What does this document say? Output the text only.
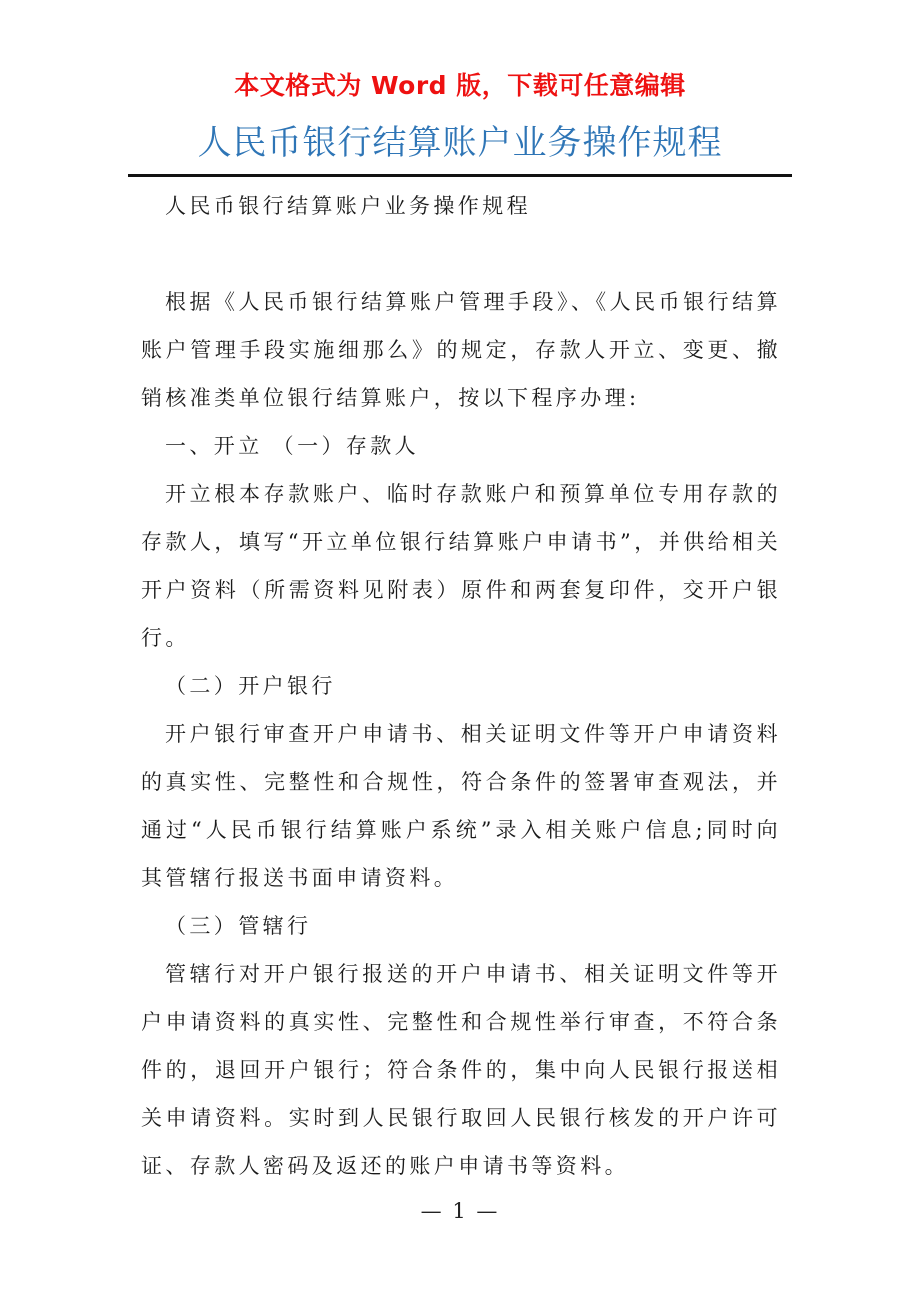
本文格式为 Word 版，下载可任意编辑
人民币银行结算账户业务操作规程

人民币银行结算账户业务操作规程

根据《人民币银行结算账户管理手段》、《人民币银行结算账户管理手段实施细那么》的规定，存款人开立、变更、撤销核准类单位银行结算账户，按以下程序办理:

一、开立 （一）存款人

开立根本存款账户、临时存款账户和预算单位专用存款的存款人，填写“开立单位银行结算账户申请书”，并供给相关开户资料（所需资料见附表）原件和两套复印件，交开户银行。

（二）开户银行

开户银行审查开户申请书、相关证明文件等开户申请资料的真实性、完整性和合规性，符合条件的签署审查观法，并通过“人民币银行结算账户系统”录入相关账户信息;同时向其管辖行报送书面申请资料。

（三）管辖行

管辖行对开户银行报送的开户申请书、相关证明文件等开户申请资料的真实性、完整性和合规性举行审查，不符合条件的，退回开户银行；符合条件的，集中向人民银行报送相关申请资料。实时到人民银行取回人民银行核发的开户许可证、存款人密码及返还的账户申请书等资料。

— 1 —
